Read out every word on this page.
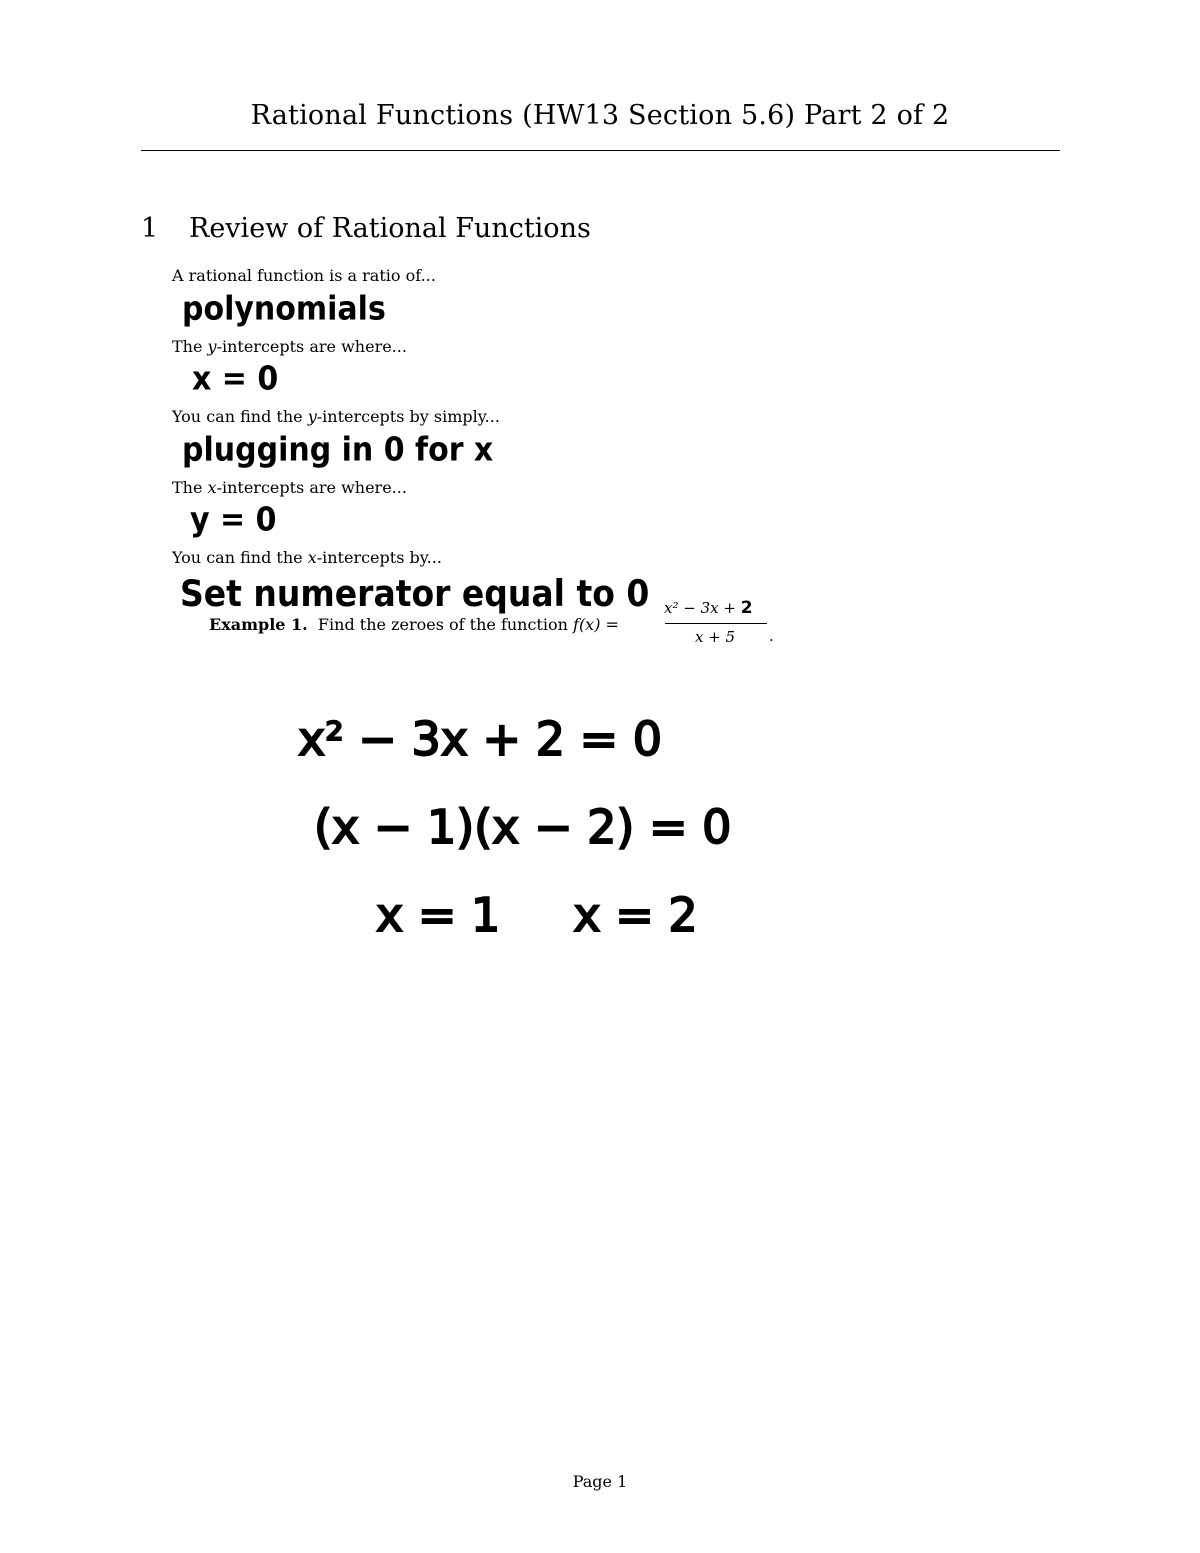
Rational Functions (HW13 Section 5.6) Part 2 of 2
1 Review of Rational Functions
A rational function is a ratio of...
polynomials
The y-intercepts are where...
x = 0
You can find the y-intercepts by simply...
plugging in 0 for x
The x-intercepts are where...
y = 0
You can find the x-intercepts by...
Set numerator equal to 0
Example 1. Find the zeroes of the function f(x) =
x² − 3x + 2
x + 5	.
x² − 3x + 2 = 0
(x − 1)(x − 2) = 0
x = 1     x = 2
Page 1
